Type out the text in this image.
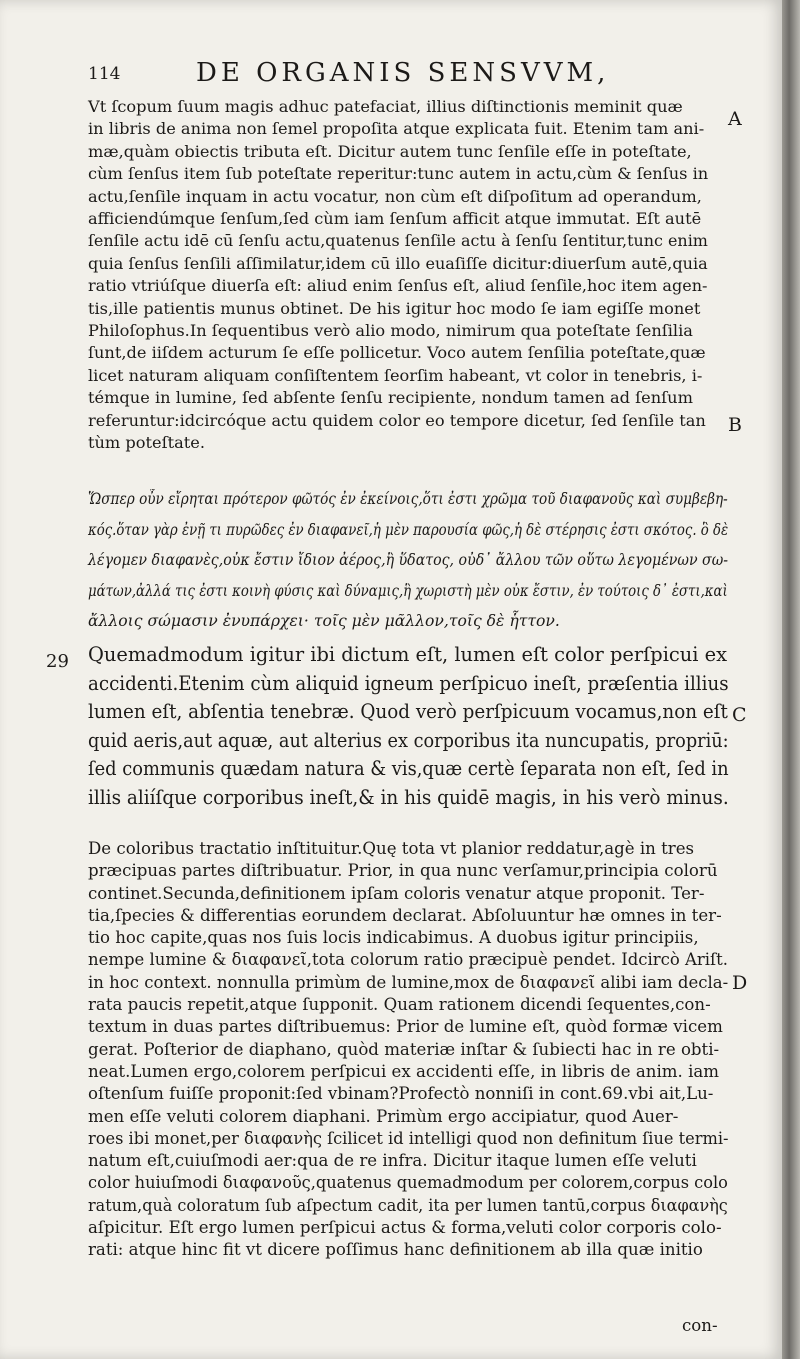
114	DE ORGANIS SENSVVM,
Vt ſcopum ſuum magis adhuc patefaciat, illius diſtinctionis meminit quæ
in libris de anima non ſemel propoſita atque explicata fuit. Etenim tam ani-
mæ,quàm obiectis tributa eſt. Dicitur autem tunc ſenſile eſſe in poteſtate,
cùm ſenſus item ſub poteſtate reperitur:tunc autem in actu,cùm & ſenſus in
actu,ſenſile inquam in actu vocatur, non cùm eſt diſpoſitum ad operandum,
afficiendúmque ſenſum,ſed cùm iam ſenſum afficit atque immutat. Eſt autē
ſenſile actu idē cū ſenſu actu,quatenus ſenſile actu à ſenſu ſentitur,tunc enim
quia ſenſus ſenſili aſſimilatur,idem cū illo euaſiſſe dicitur:diuerſum autē,quia
ratio vtriúſque diuerſa eſt: aliud enim ſenſus eſt, aliud ſenſile,hoc item agen-
tis,ille patientis munus obtinet. De his igitur hoc modo ſe iam egiſſe monet
Philoſophus.In ſequentibus verò alio modo, nimirum qua poteſtate ſenſilia
ſunt,de iiſdem acturum ſe eſſe pollicetur. Voco autem ſenſilia poteſtate,quæ
licet naturam aliquam conſiſtentem ſeorſim habeant, vt color in tenebris, i-
témque in lumine, ſed abſente ſenſu recipiente, nondum tamen ad ſenſum
referuntur:idcircóque actu quidem color eo tempore dicetur, ſed ſenſile tan
tùm poteſtate.
Ὥσπερ οὖν εἴρηται πρότερον φῶτός ἐν ἐκείνοις,ὅτι ἐστι χρῶμα τοῦ διαφανοῦς καὶ συμβεβη-
κός.ὅταν γὰρ ἐνῇ τι πυρῶδες ἐν διαφανεῖ,ἡ μὲν παρουσία φῶς,ἡ δὲ στέρησις ἐστι σκότος. ὃ δὲ
λέγομεν διαφανὲς,οὐκ ἔστιν ἴδιον ἀέρος,ἢ ὕδατος, οὐδ᾽ ἄλλου τῶν οὕτω λεγομένων σω-
μάτων,ἀλλά τις ἐστι κοινὴ φύσις καὶ δύναμις,ἣ χωριστὴ μὲν οὐκ ἔστιν, ἐν τούτοις δ᾽ ἐστι,καὶ
ἄλλοις σώμασιν ἐνυπάρχει· τοῖς μὲν μᾶλλον,τοῖς δὲ ἧττον.
29 Quemadmodum igitur ibi dictum eſt, lumen eſt color perſpicui ex
accidenti.Etenim cùm aliquid igneum perſpicuo ineſt, præſentia illius
lumen eſt, abſentia tenebræ. Quod verò perſpicuum vocamus,non eſt
quid aeris,aut aquæ, aut alterius ex corporibus ita nuncupatis, propriū:
ſed communis quædam natura & vis,quæ certè ſeparata non eſt, ſed in
illis aliíſque corporibus ineſt,& in his quidē magis, in his verò minus.
De coloribus tractatio inſtituitur.Quę tota vt planior reddatur,agè in tres
præcipuas partes diſtribuatur. Prior, in qua nunc verſamur,principia colorū
continet.Secunda,definitionem ipſam coloris venatur atque proponit. Ter-
tia,ſpecies & differentias eorundem declarat. Abſoluuntur hæ omnes in ter-
tio hoc capite,quas nos ſuis locis indicabimus. A duobus igitur principiis,
nempe lumine & διαφανεῖ,tota colorum ratio præcipuè pendet. Idcircò Ariſt.
in hoc context. nonnulla primùm de lumine,mox de διαφανεῖ alibi iam decla-
rata paucis repetit,atque ſupponit. Quam rationem dicendi ſequentes,con-
textum in duas partes diſtribuemus: Prior de lumine eſt, quòd formæ vicem
gerat. Poſterior de diaphano, quòd materiæ inſtar & ſubiecti hac in re obti-
neat.Lumen ergo,colorem perſpicui ex accidenti eſſe, in libris de anim. iam
oſtenſum fuiſſe proponit:ſed vbinam?Profectò nonniſi in cont.69.vbi ait,Lu-
men eſſe veluti colorem diaphani. Primùm ergo accipiatur, quod Auer-
roes ibi monet,per διαφανὴς ſcilicet id intelligi quod non definitum ſiue termi-
natum eſt,cuiuſmodi aer:qua de re infra. Dicitur itaque lumen eſſe veluti
color huiuſmodi διαφανοῦς,quatenus quemadmodum per colorem,corpus colo
ratum,quà coloratum ſub aſpectum cadit, ita per lumen tantū,corpus διαφανὴς
aſpicitur. Eſt ergo lumen perſpicui actus & forma,veluti color corporis colo-
rati: atque hinc fit vt dicere poſſimus hanc definitionem ab illa quæ initio
A
B
C
D
con-
